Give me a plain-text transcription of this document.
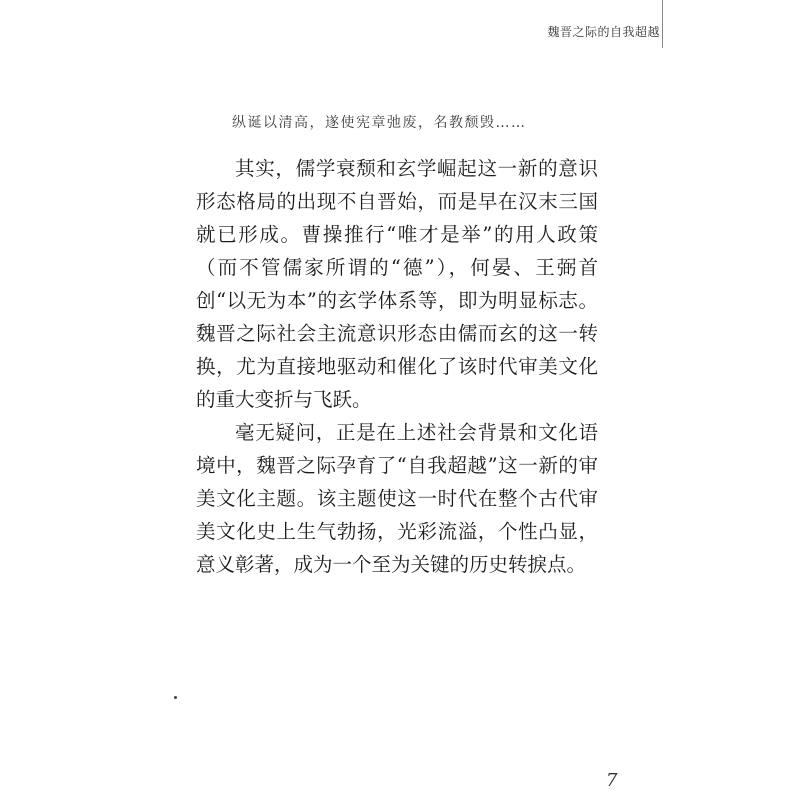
魏晋之际的自我超越
纵诞以清高，遂使宪章弛废，名教颓毁……

其实，儒学衰颓和玄学崛起这一新的意识形态格局的出现不自晋始，而是早在汉末三国就已形成。曹操推行“唯才是举”的用人政策（而不管儒家所谓的“德”），何晏、王弼首创“以无为本”的玄学体系等，即为明显标志。魏晋之际社会主流意识形态由儒而玄的这一转换，尤为直接地驱动和催化了该时代审美文化的重大变折与飞跃。

毫无疑问，正是在上述社会背景和文化语境中，魏晋之际孕育了“自我超越”这一新的审美文化主题。该主题使这一时代在整个古代审美文化史上生气勃扬，光彩流溢，个性凸显，意义彰著，成为一个至为关键的历史转捩点。

7
